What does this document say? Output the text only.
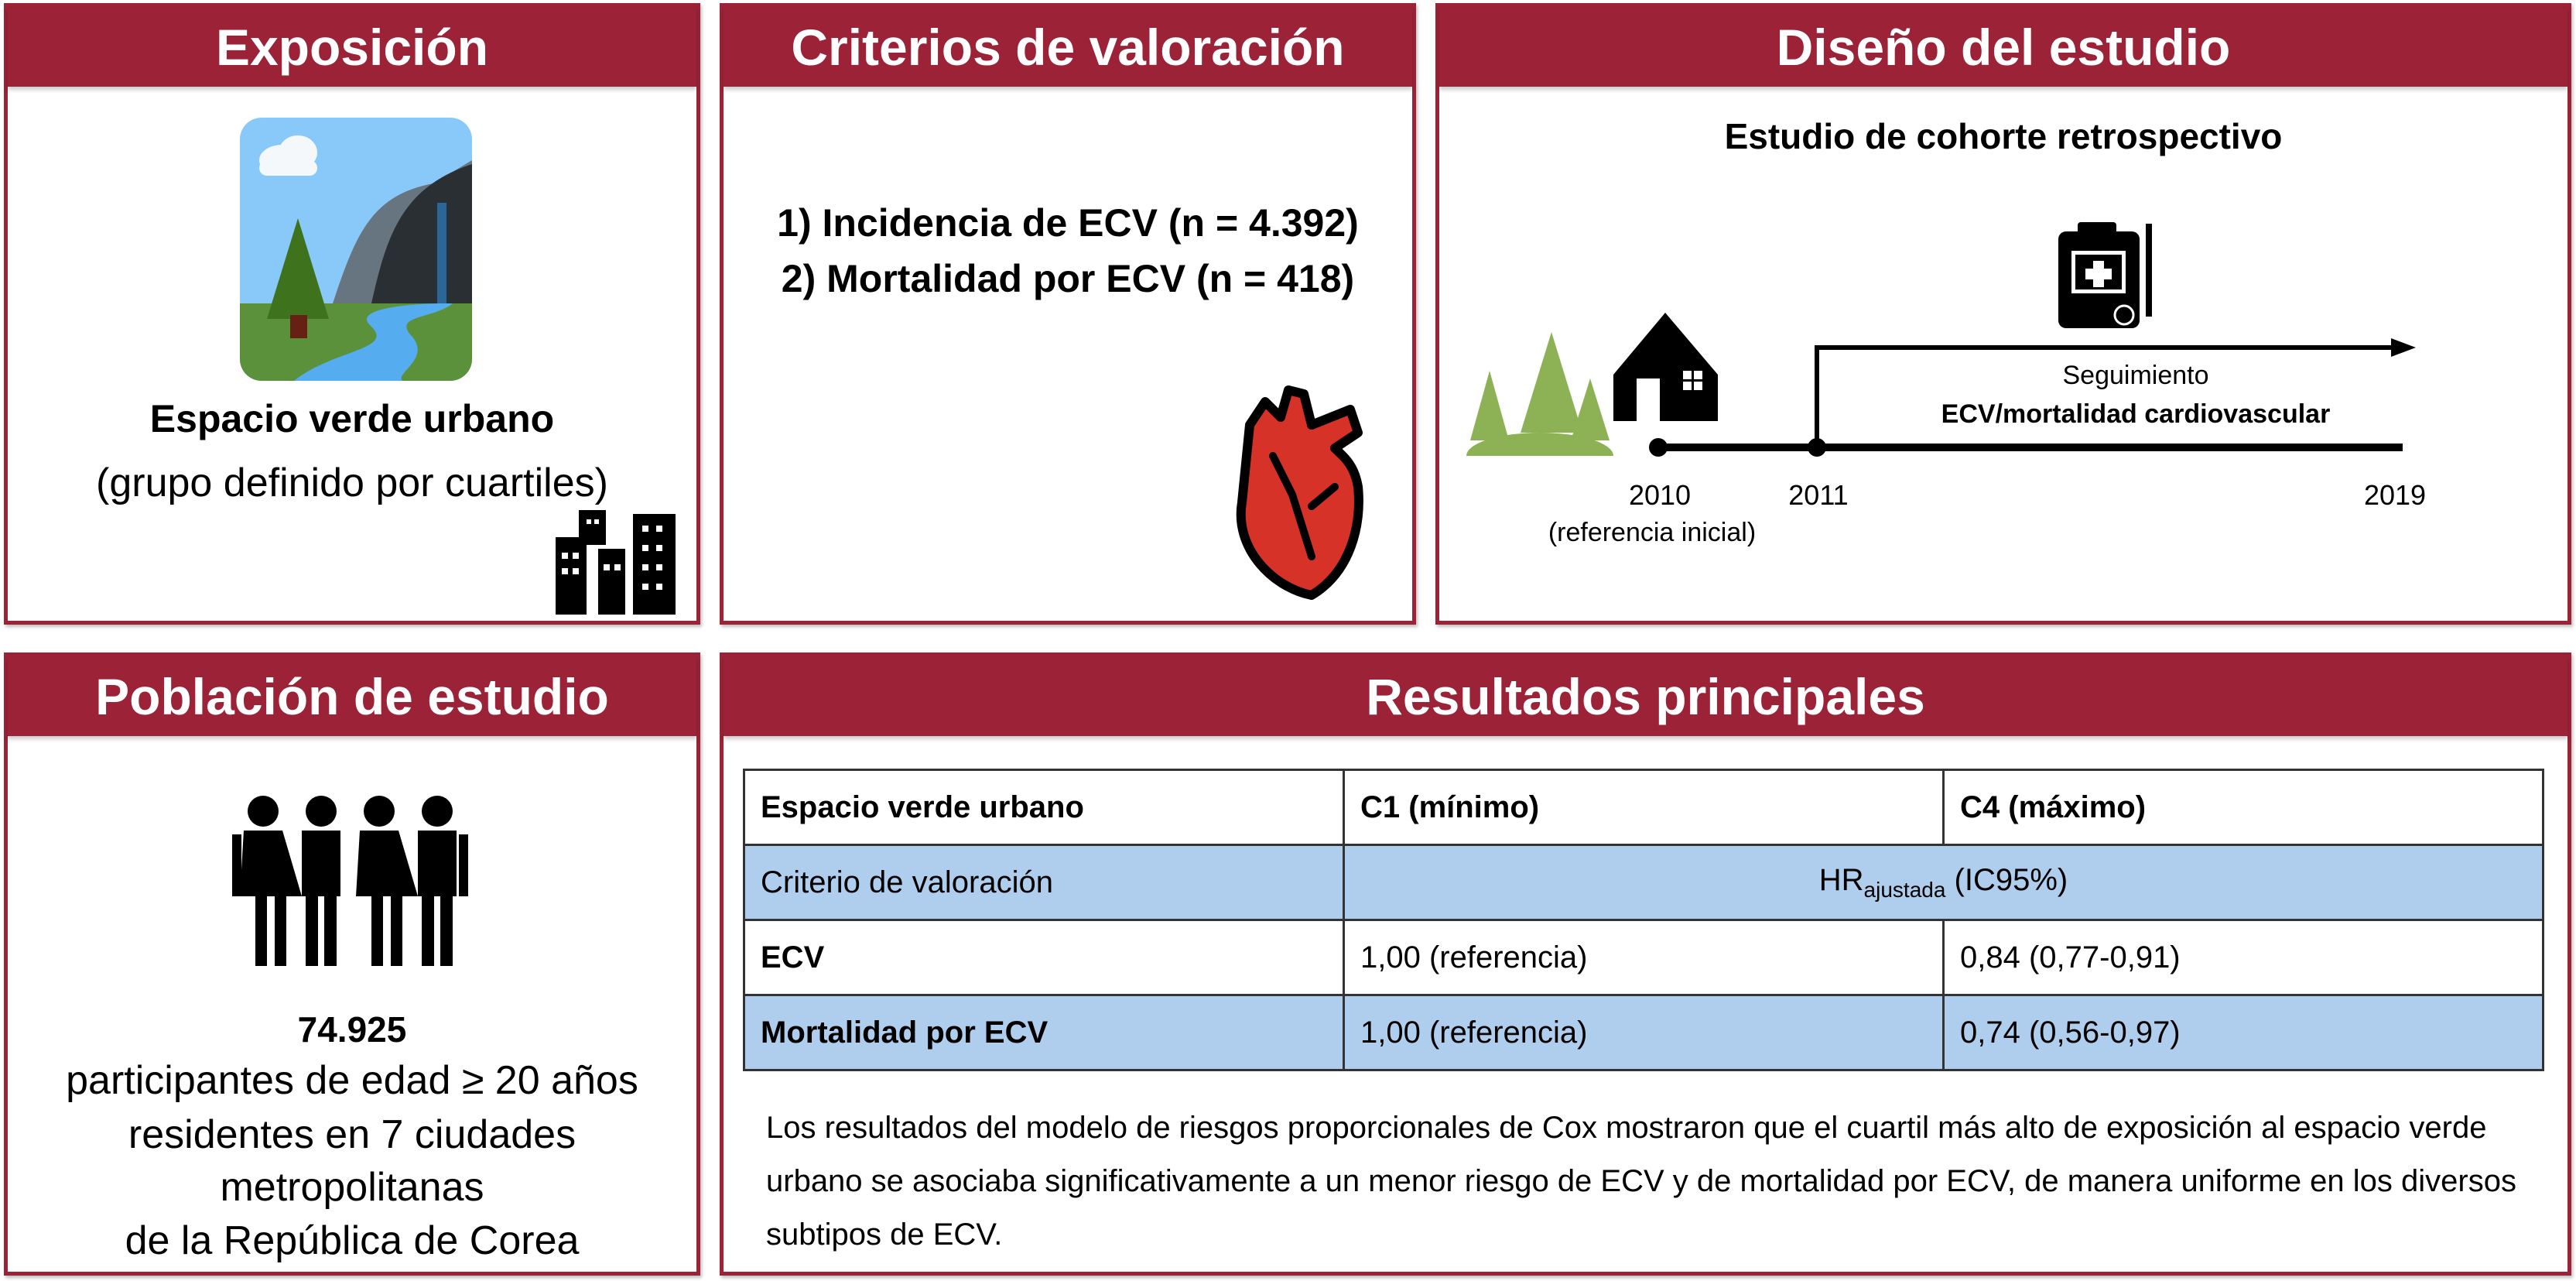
Exposición
Espacio verde urbano
(grupo definido por cuartiles)
Criterios de valoración
1) Incidencia de ECV (n = 4.392)
2) Mortalidad por ECV (n = 418)
Diseño del estudio
Estudio de cohorte retrospectivo
Seguimiento
ECV/mortalidad cardiovascular
2010
(referencia inicial)
2011	2019
Población de estudio
74.925
participantes de edad ≥ 20 años
residentes en 7 ciudades
metropolitanas
de la República de Corea
Resultados principales
Espacio verde urbano	C1 (mínimo)	C4 (máximo)
Criterio de valoración	$HR_{ajustada}$ (IC95%)	
ECV	1,00 (referencia)	0,84 (0,77-0,91)
Mortalidad por ECV	1,00 (referencia)	0,74 (0,56-0,97)
Los resultados del modelo de riesgos proporcionales de Cox mostraron que el cuartil más alto de exposición al espacio verde urbano se asociaba significativamente a un menor riesgo de ECV y de mortalidad por ECV, de manera uniforme en los diversos subtipos de ECV.
